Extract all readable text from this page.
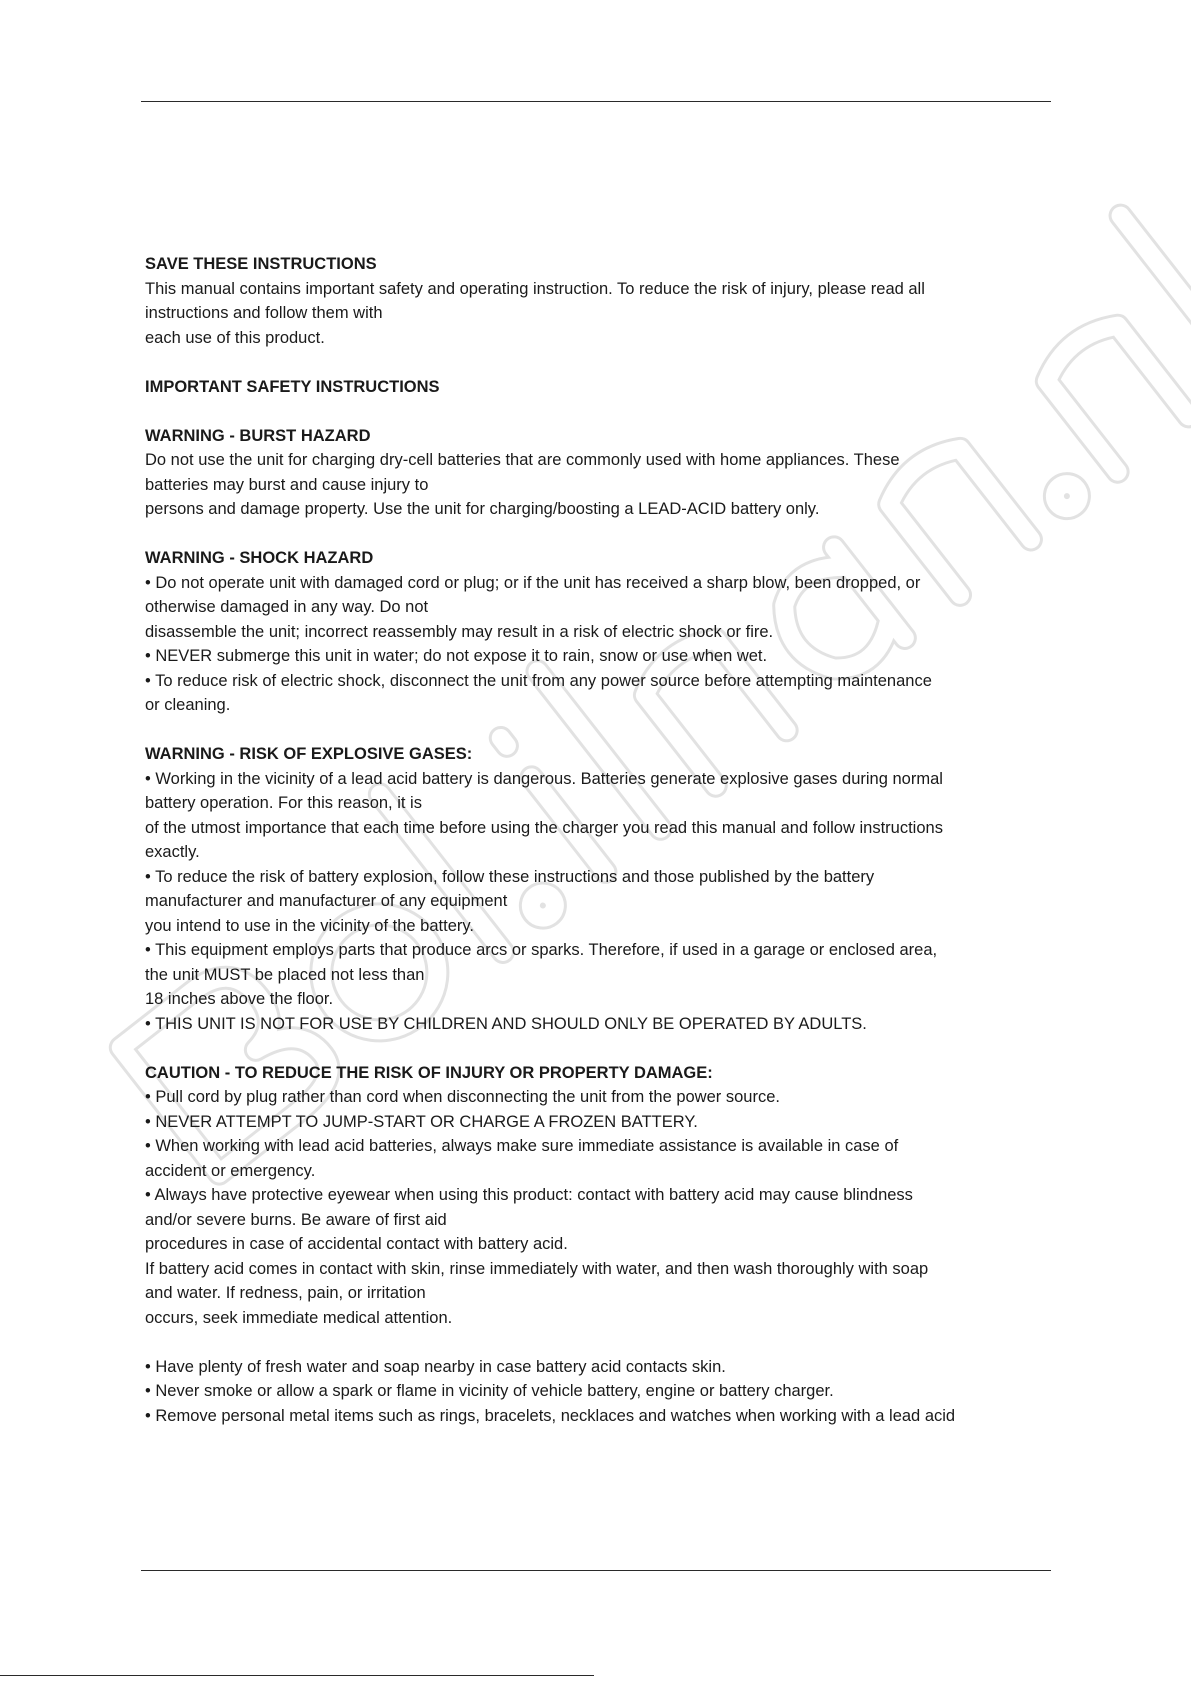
SAVE THESE INSTRUCTIONS
This manual contains important safety and operating instruction. To reduce the risk of injury, please read all
instructions and follow them with
each use of this product.
IMPORTANT SAFETY INSTRUCTIONS
WARNING - BURST HAZARD
Do not use the unit for charging dry-cell batteries that are commonly used with home appliances. These
batteries may burst and cause injury to
persons and damage property. Use the unit for charging/boosting a LEAD-ACID battery only.
WARNING - SHOCK HAZARD
• Do not operate unit with damaged cord or plug; or if the unit has received a sharp blow, been dropped, or
otherwise damaged in any way. Do not
disassemble the unit; incorrect reassembly may result in a risk of electric shock or fire.
• NEVER submerge this unit in water; do not expose it to rain, snow or use when wet.
• To reduce risk of electric shock, disconnect the unit from any power source before attempting maintenance
or cleaning.
WARNING - RISK OF EXPLOSIVE GASES:
• Working in the vicinity of a lead acid battery is dangerous. Batteries generate explosive gases during normal
battery operation. For this reason, it is
of the utmost importance that each time before using the charger you read this manual and follow instructions
exactly.
• To reduce the risk of battery explosion, follow these instructions and those published by the battery
manufacturer and manufacturer of any equipment
you intend to use in the vicinity of the battery.
• This equipment employs parts that produce arcs or sparks. Therefore, if used in a garage or enclosed area,
the unit MUST be placed not less than
18 inches above the floor.
• THIS UNIT IS NOT FOR USE BY CHILDREN AND SHOULD ONLY BE OPERATED BY ADULTS.
CAUTION - TO REDUCE THE RISK OF INJURY OR PROPERTY DAMAGE:
• Pull cord by plug rather than cord when disconnecting the unit from the power source.
• NEVER ATTEMPT TO JUMP-START OR CHARGE A FROZEN BATTERY.
• When working with lead acid batteries, always make sure immediate assistance is available in case of
accident or emergency.
• Always have protective eyewear when using this product: contact with battery acid may cause blindness
and/or severe burns. Be aware of first aid
procedures in case of accidental contact with battery acid.
If battery acid comes in contact with skin, rinse immediately with water, and then wash thoroughly with soap
and water. If redness, pain, or irritation
occurs, seek immediate medical attention.
• Have plenty of fresh water and soap nearby in case battery acid contacts skin.
• Never smoke or allow a spark or flame in vicinity of vehicle battery, engine or battery charger.
• Remove personal metal items such as rings, bracelets, necklaces and watches when working with a lead acid
